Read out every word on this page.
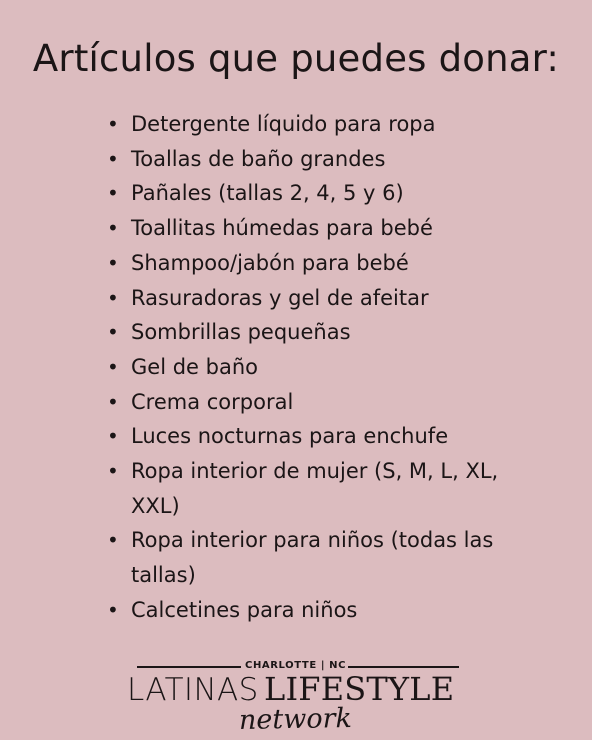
Artículos que puedes donar:
• Detergente líquido para ropa
• Toallas de baño grandes
• Pañales (tallas 2, 4, 5 y 6)
• Toallitas húmedas para bebé
• Shampoo/jabón para bebé
• Rasuradoras y gel de afeitar
• Sombrillas pequeñas
• Gel de baño
• Crema corporal
• Luces nocturnas para enchufe
• Ropa interior de mujer (S, M, L, XL, XXL)
• Ropa interior para niños (todas las tallas)
• Calcetines para niños
CHARLOTTE | NC
LATINAS LIFESTYLE
network
